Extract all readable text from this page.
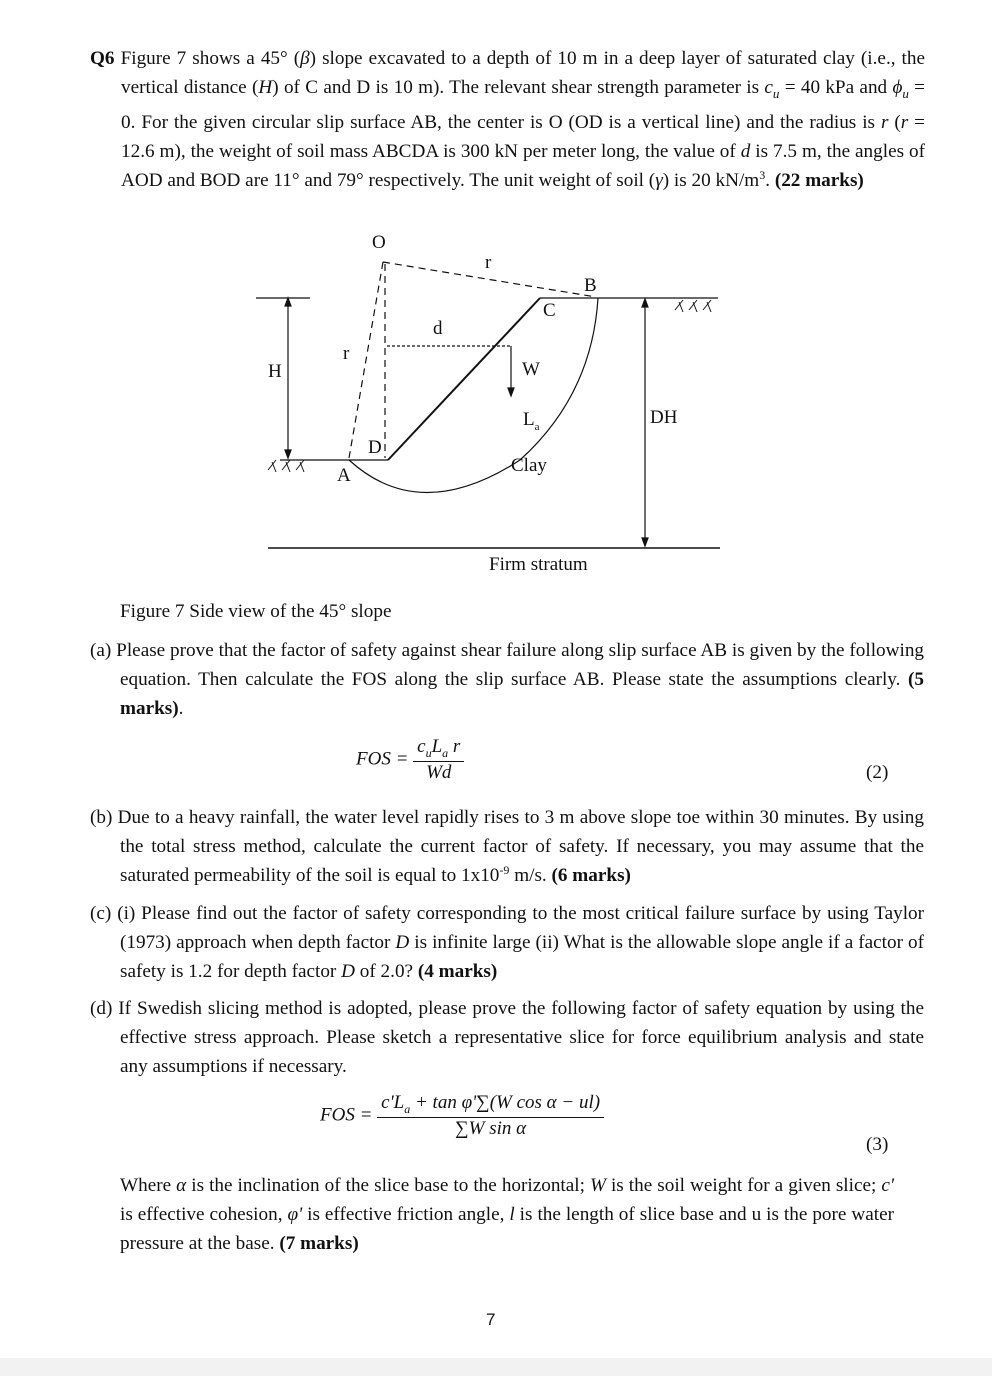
Q6 Figure 7 shows a 45° (β) slope excavated to a depth of 10 m in a deep layer of saturated clay (i.e., the vertical distance (H) of C and D is 10 m). The relevant shear strength parameter is $c_u = 40$ kPa and $\phi_u = 0$. For the given circular slip surface AB, the center is O (OD is a vertical line) and the radius is r (r = 12.6 m), the weight of soil mass ABCDA is 300 kN per meter long, the value of d is 7.5 m, the angles of AOD and BOD are 11° and 79° respectively. The unit weight of soil (γ) is 20 $kN/m^3$. (22 marks)
O
r
B
C
d
r
H	W
$L_a$	DH
D
A	Clay
Firm stratum
Figure 7 Side view of the 45° slope
(a) Please prove that the factor of safety against shear failure along slip surface AB is given by the following equation. Then calculate the FOS along the slip surface AB. Please state the assumptions clearly. (5 marks).
FOS = $\frac{c_uL_a r}{Wd}$	(2)
(b) Due to a heavy rainfall, the water level rapidly rises to 3 m above slope toe within 30 minutes. By using the total stress method, calculate the current factor of safety. If necessary, you may assume that the saturated permeability of the soil is equal to $1x10^{-9}$ m/s. (6 marks)
(c) (i) Please find out the factor of safety corresponding to the most critical failure surface by using Taylor (1973) approach when depth factor D is infinite large (ii) What is the allowable slope angle if a factor of safety is 1.2 for depth factor D of 2.0? (4 marks)
(d) If Swedish slicing method is adopted, please prove the following factor of safety equation by using the effective stress approach. Please sketch a representative slice for force equilibrium analysis and state any assumptions if necessary.
FOS = $\frac{c'L_a + \tan \varphi'\sum(W \cos \alpha - ul)}{\text{∑W sin α}}$
(3)
Where α is the inclination of the slice base to the horizontal; W is the soil weight for a given slice; c' is effective cohesion, φ' is effective friction angle, l is the length of slice base and u is the pore water pressure at the base. (7 marks)
7
